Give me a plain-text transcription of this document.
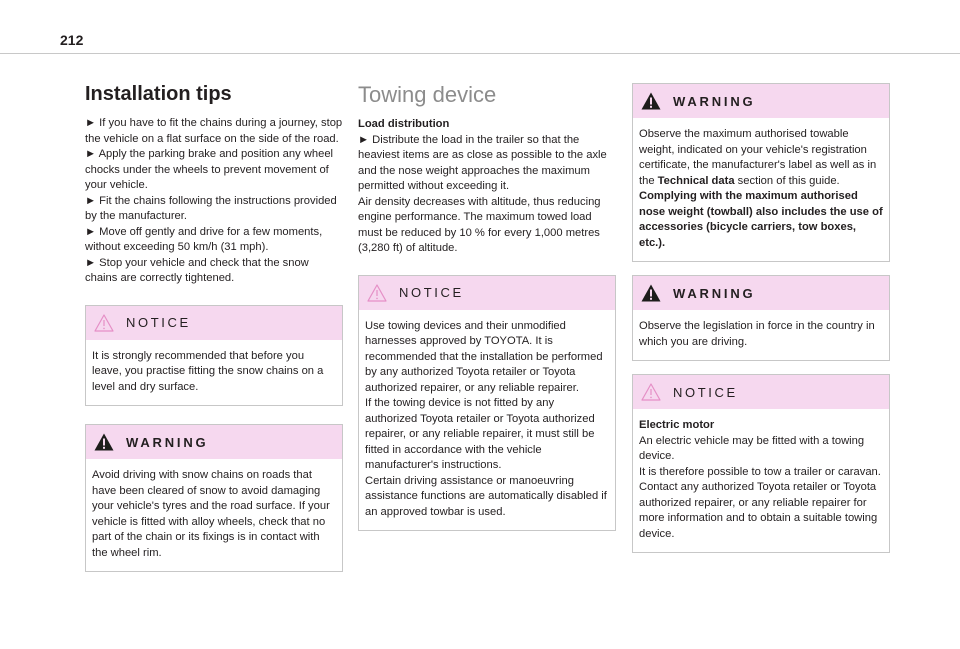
212
Installation tips

► If you have to fit the chains during a journey, stop the vehicle on a flat surface on the side of the road.
► Apply the parking brake and position any wheel chocks under the wheels to prevent movement of your vehicle.
► Fit the chains following the instructions provided by the manufacturer.
► Move off gently and drive for a few moments, without exceeding 50 km/h (31 mph).
► Stop your vehicle and check that the snow chains are correctly tightened.

NOTICE

It is strongly recommended that before you leave, you practise fitting the snow chains on a level and dry surface.

WARNING

Avoid driving with snow chains on roads that have been cleared of snow to avoid damaging your vehicle's tyres and the road surface. If your vehicle is fitted with alloy wheels, check that no part of the chain or its fixings is in contact with the wheel rim.

Towing device
Load distribution

► Distribute the load in the trailer so that the heaviest items are as close as possible to the axle and the nose weight approaches the maximum permitted without exceeding it.
Air density decreases with altitude, thus reducing engine performance. The maximum towed load must be reduced by 10 % for every 1,000 metres (3,280 ft) of altitude.

NOTICE

Use towing devices and their unmodified harnesses approved by TOYOTA. It is recommended that the installation be performed by any authorized Toyota retailer or Toyota authorized repairer, or any reliable repairer.
If the towing device is not fitted by any authorized Toyota retailer or Toyota authorized repairer, or any reliable repairer, it must still be fitted in accordance with the vehicle manufacturer's instructions.
Certain driving assistance or manoeuvring assistance functions are automatically disabled if an approved towbar is used.

WARNING

Observe the maximum authorised towable weight, indicated on your vehicle's registration certificate, the manufacturer's label as well as in the Technical data section of this guide.

Complying with the maximum authorised nose weight (towball) also includes the use of accessories (bicycle carriers, tow boxes, etc.).

WARNING

Observe the legislation in force in the country in which you are driving.

NOTICE
Electric motor

An electric vehicle may be fitted with a towing device.
It is therefore possible to tow a trailer or caravan.
Contact any authorized Toyota retailer or Toyota authorized repairer, or any reliable repairer for more information and to obtain a suitable towing device.
